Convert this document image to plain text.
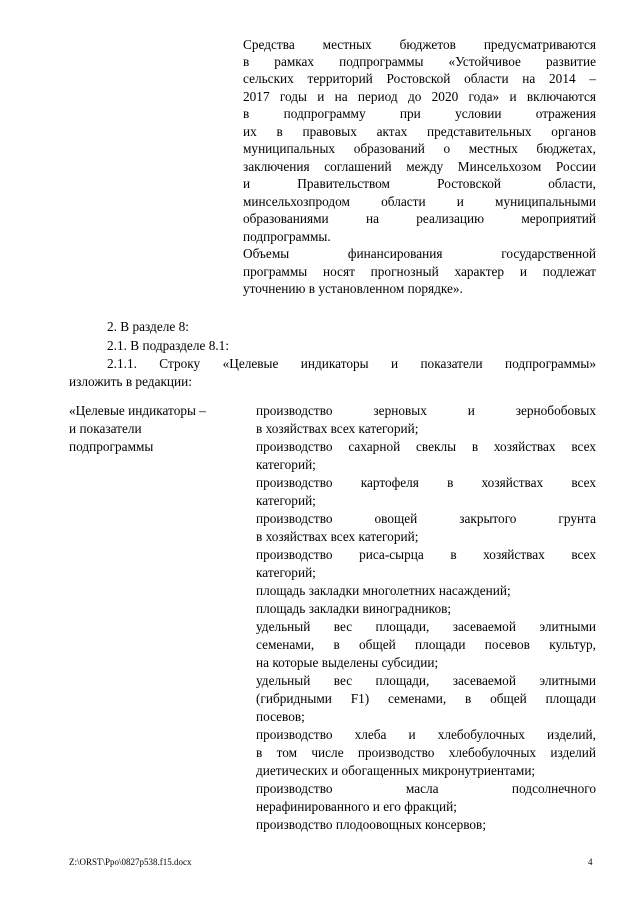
Средства местных бюджетов предусматриваются
в рамках подпрограммы «Устойчивое развитие
сельских территорий Ростовской области на 2014 –
2017 годы и на период до 2020 года» и включаются
в подпрограмму при условии отражения
их в правовых актах представительных органов
муниципальных образований о местных бюджетах,
заключения соглашений между Минсельхозом России
и Правительством Ростовской области,
минсельхозпродом области и муниципальными
образованиями на реализацию мероприятий
подпрограммы.
Объемы финансирования государственной
программы носят прогнозный характер и подлежат
уточнению в установленном порядке».
2. В разделе 8:
2.1. В подразделе 8.1:
2.1.1. Строку «Целевые индикаторы и показатели подпрограммы»
изложить в редакции:
«Целевые индикаторы –
и показатели
подпрограммы
производство зерновых и зернобобовых
в хозяйствах всех категорий;
производство сахарной свеклы в хозяйствах всех
категорий;
производство картофеля в хозяйствах всех
категорий;
производство овощей закрытого грунта
в хозяйствах всех категорий;
производство риса-сырца в хозяйствах всех
категорий;
площадь закладки многолетних насаждений;
площадь закладки виноградников;
удельный вес площади, засеваемой элитными
семенами, в общей площади посевов культур,
на которые выделены субсидии;
удельный вес площади, засеваемой элитными
(гибридными F1) семенами, в общей площади
посевов;
производство хлеба и хлебобулочных изделий,
в том числе производство хлебобулочных изделий
диетических и обогащенных микронутриентами;
производство масла подсолнечного
нерафинированного и его фракций;
производство плодоовощных консервов;
Z:\ORST\Ppo\0827p538.f15.docx	4
